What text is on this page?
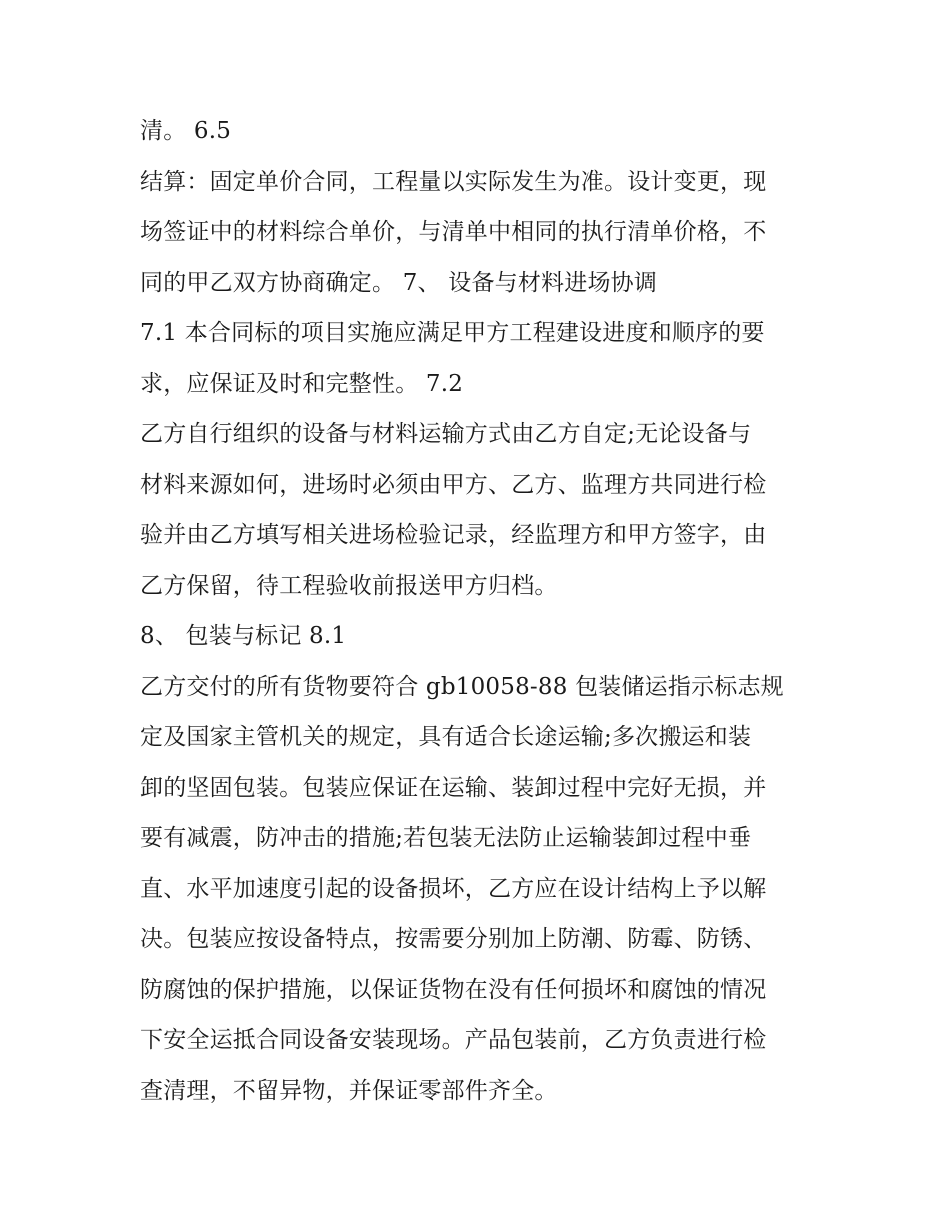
清。 6.5
结算：固定单价合同，工程量以实际发生为准。设计变更，现
场签证中的材料综合单价，与清单中相同的执行清单价格，不
同的甲乙双方协商确定。 7、 设备与材料进场协调
7.1 本合同标的项目实施应满足甲方工程建设进度和顺序的要
求，应保证及时和完整性。 7.2
乙方自行组织的设备与材料运输方式由乙方自定;无论设备与
材料来源如何，进场时必须由甲方、乙方、监理方共同进行检
验并由乙方填写相关进场检验记录，经监理方和甲方签字，由
乙方保留，待工程验收前报送甲方归档。
8、 包装与标记 8.1
乙方交付的所有货物要符合 gb10058-88 包装储运指示标志规
定及国家主管机关的规定，具有适合长途运输;多次搬运和装
卸的坚固包装。包装应保证在运输、装卸过程中完好无损，并
要有减震，防冲击的措施;若包装无法防止运输装卸过程中垂
直、水平加速度引起的设备损坏，乙方应在设计结构上予以解
决。包装应按设备特点，按需要分别加上防潮、防霉、防锈、
防腐蚀的保护措施，以保证货物在没有任何损坏和腐蚀的情况
下安全运抵合同设备安装现场。产品包装前，乙方负责进行检
查清理，不留异物，并保证零部件齐全。
